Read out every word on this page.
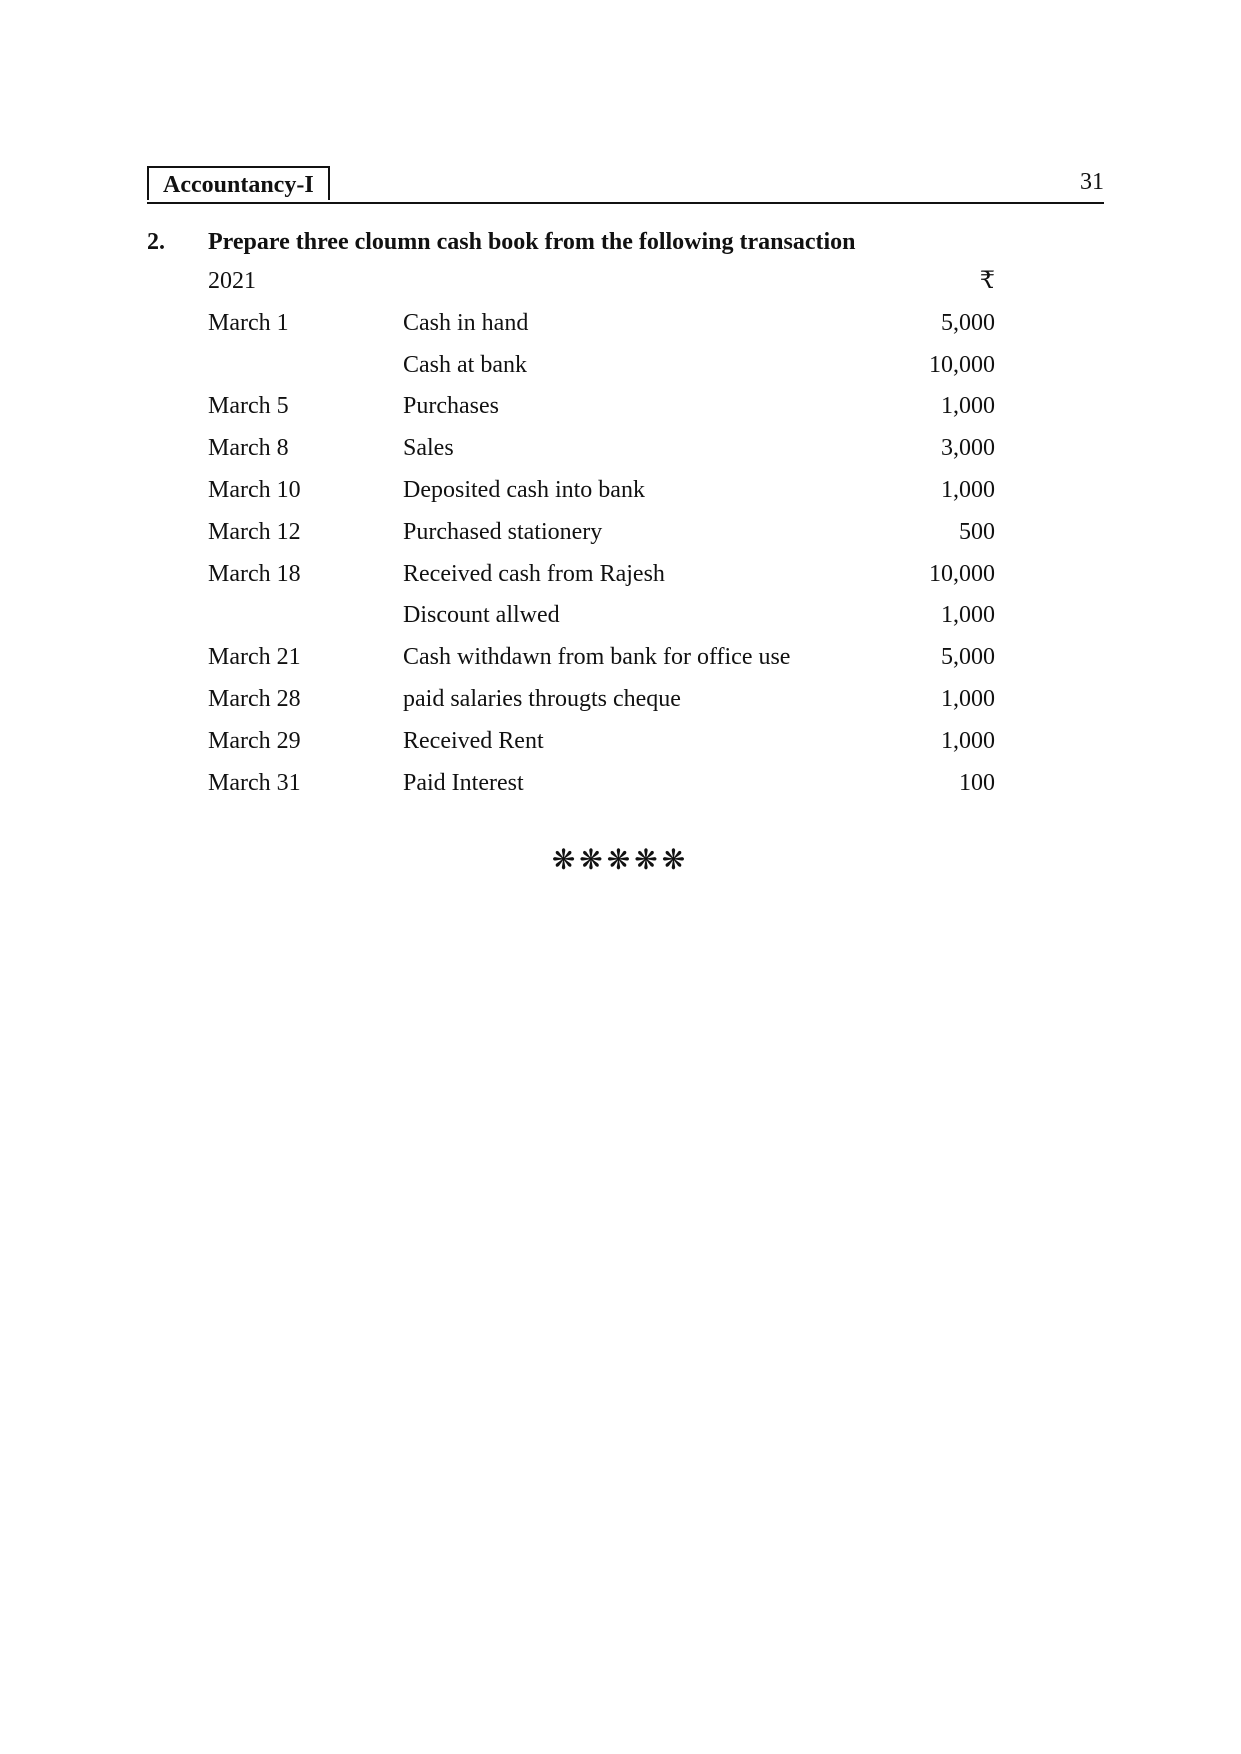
Accountancy-I	31
2. Prepare three cloumn cash book from the following transaction
2021	₹
March 1	Cash in hand	5,000
Cash at bank	10,000
March 5	Purchases	1,000
March 8	Sales	3,000
March 10	Deposited cash into bank	1,000
March 12	Purchased stationery	500
March 18	Received cash from Rajesh	10,000
Discount allwed	1,000
March 21	Cash withdawn from bank for office use	5,000
March 28	paid salaries througts cheque	1,000
March 29	Received Rent	1,000
March 31	Paid Interest	100
❋❋❋❋❋
